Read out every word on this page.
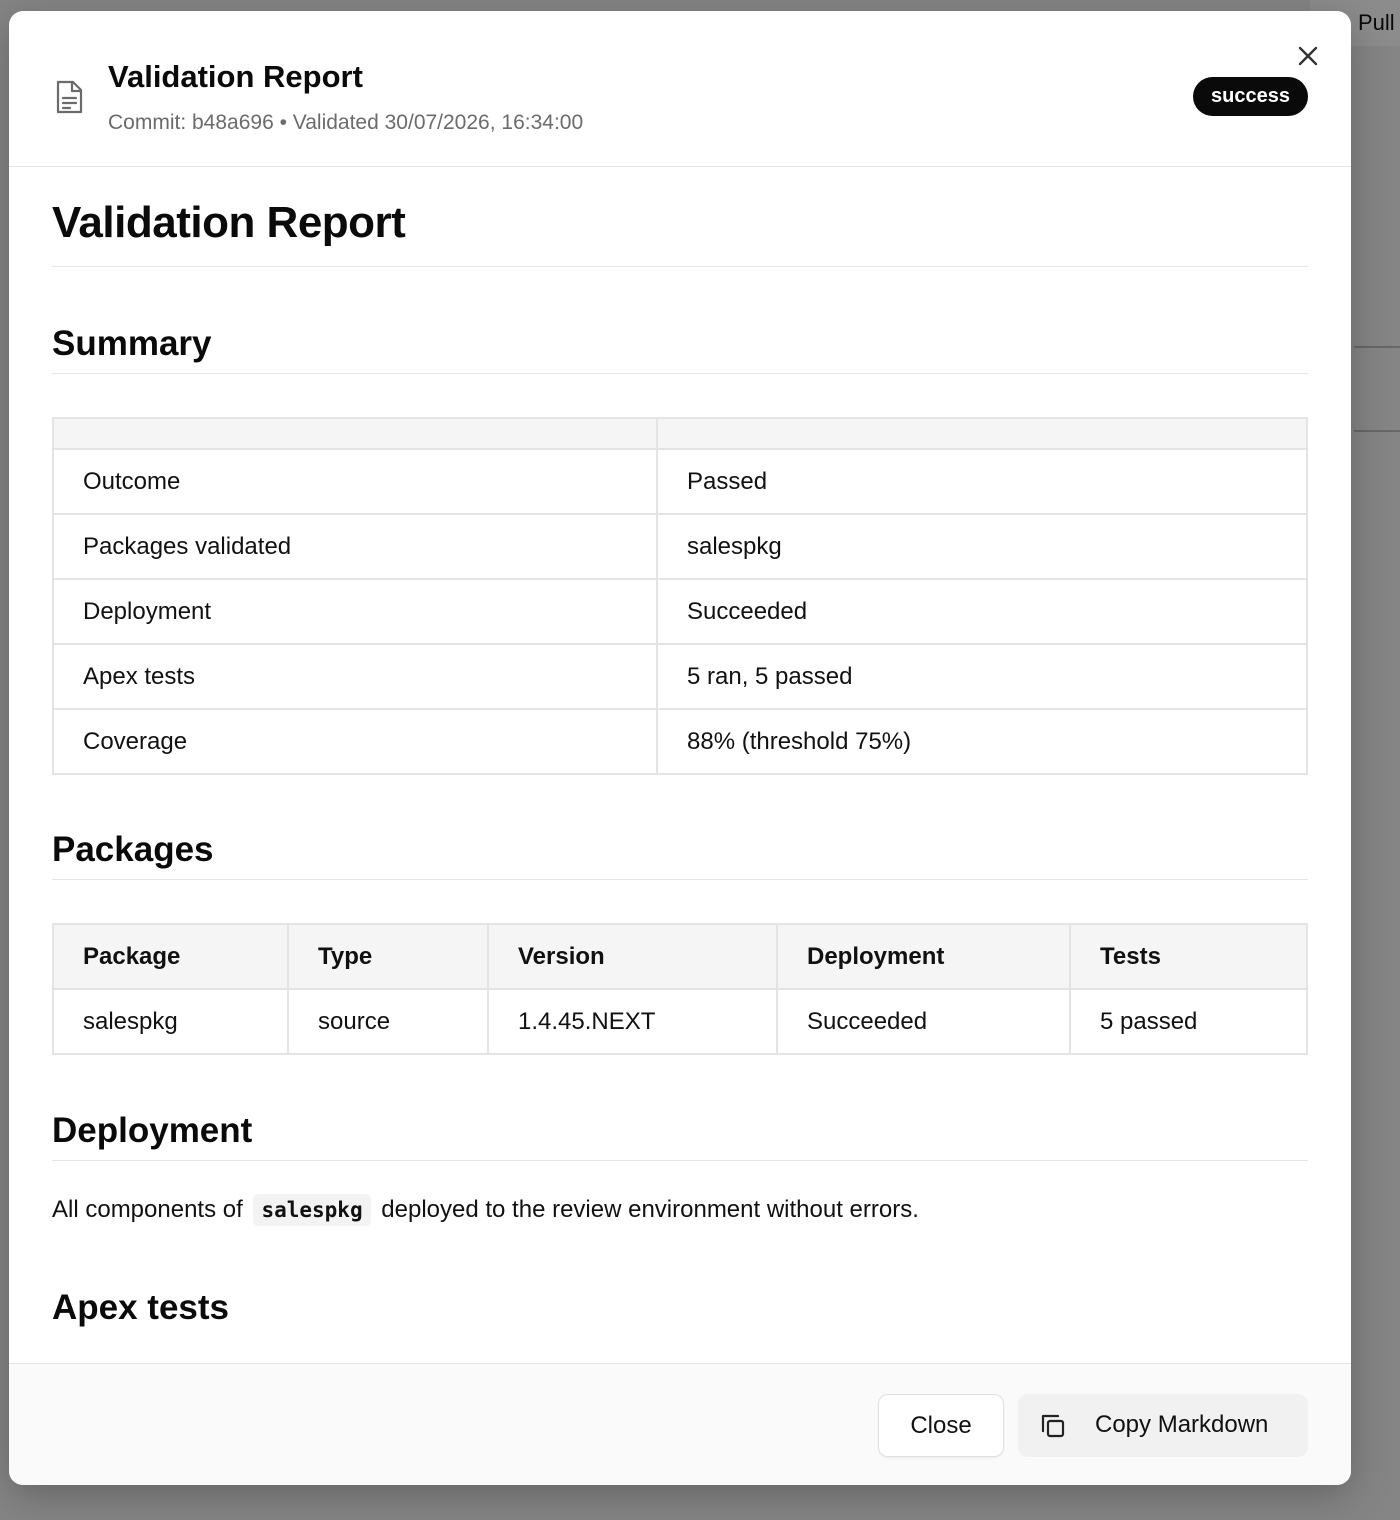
Pull
Validation Report
Commit: b48a696 • Validated 30/07/2026, 16:34:00
success
Validation Report
Summary

Outcome	Passed
Packages validated	salespkg
Deployment	Succeeded
Apex tests	5 ran, 5 passed
Coverage	88% (threshold 75%)
Packages
Package	Type	Version	Deployment	Tests
salespkg	source	1.4.45.NEXT	Succeeded	5 passed
Deployment
All components of salespkg deployed to the review environment without errors.
Apex tests
Close	Copy Markdown
